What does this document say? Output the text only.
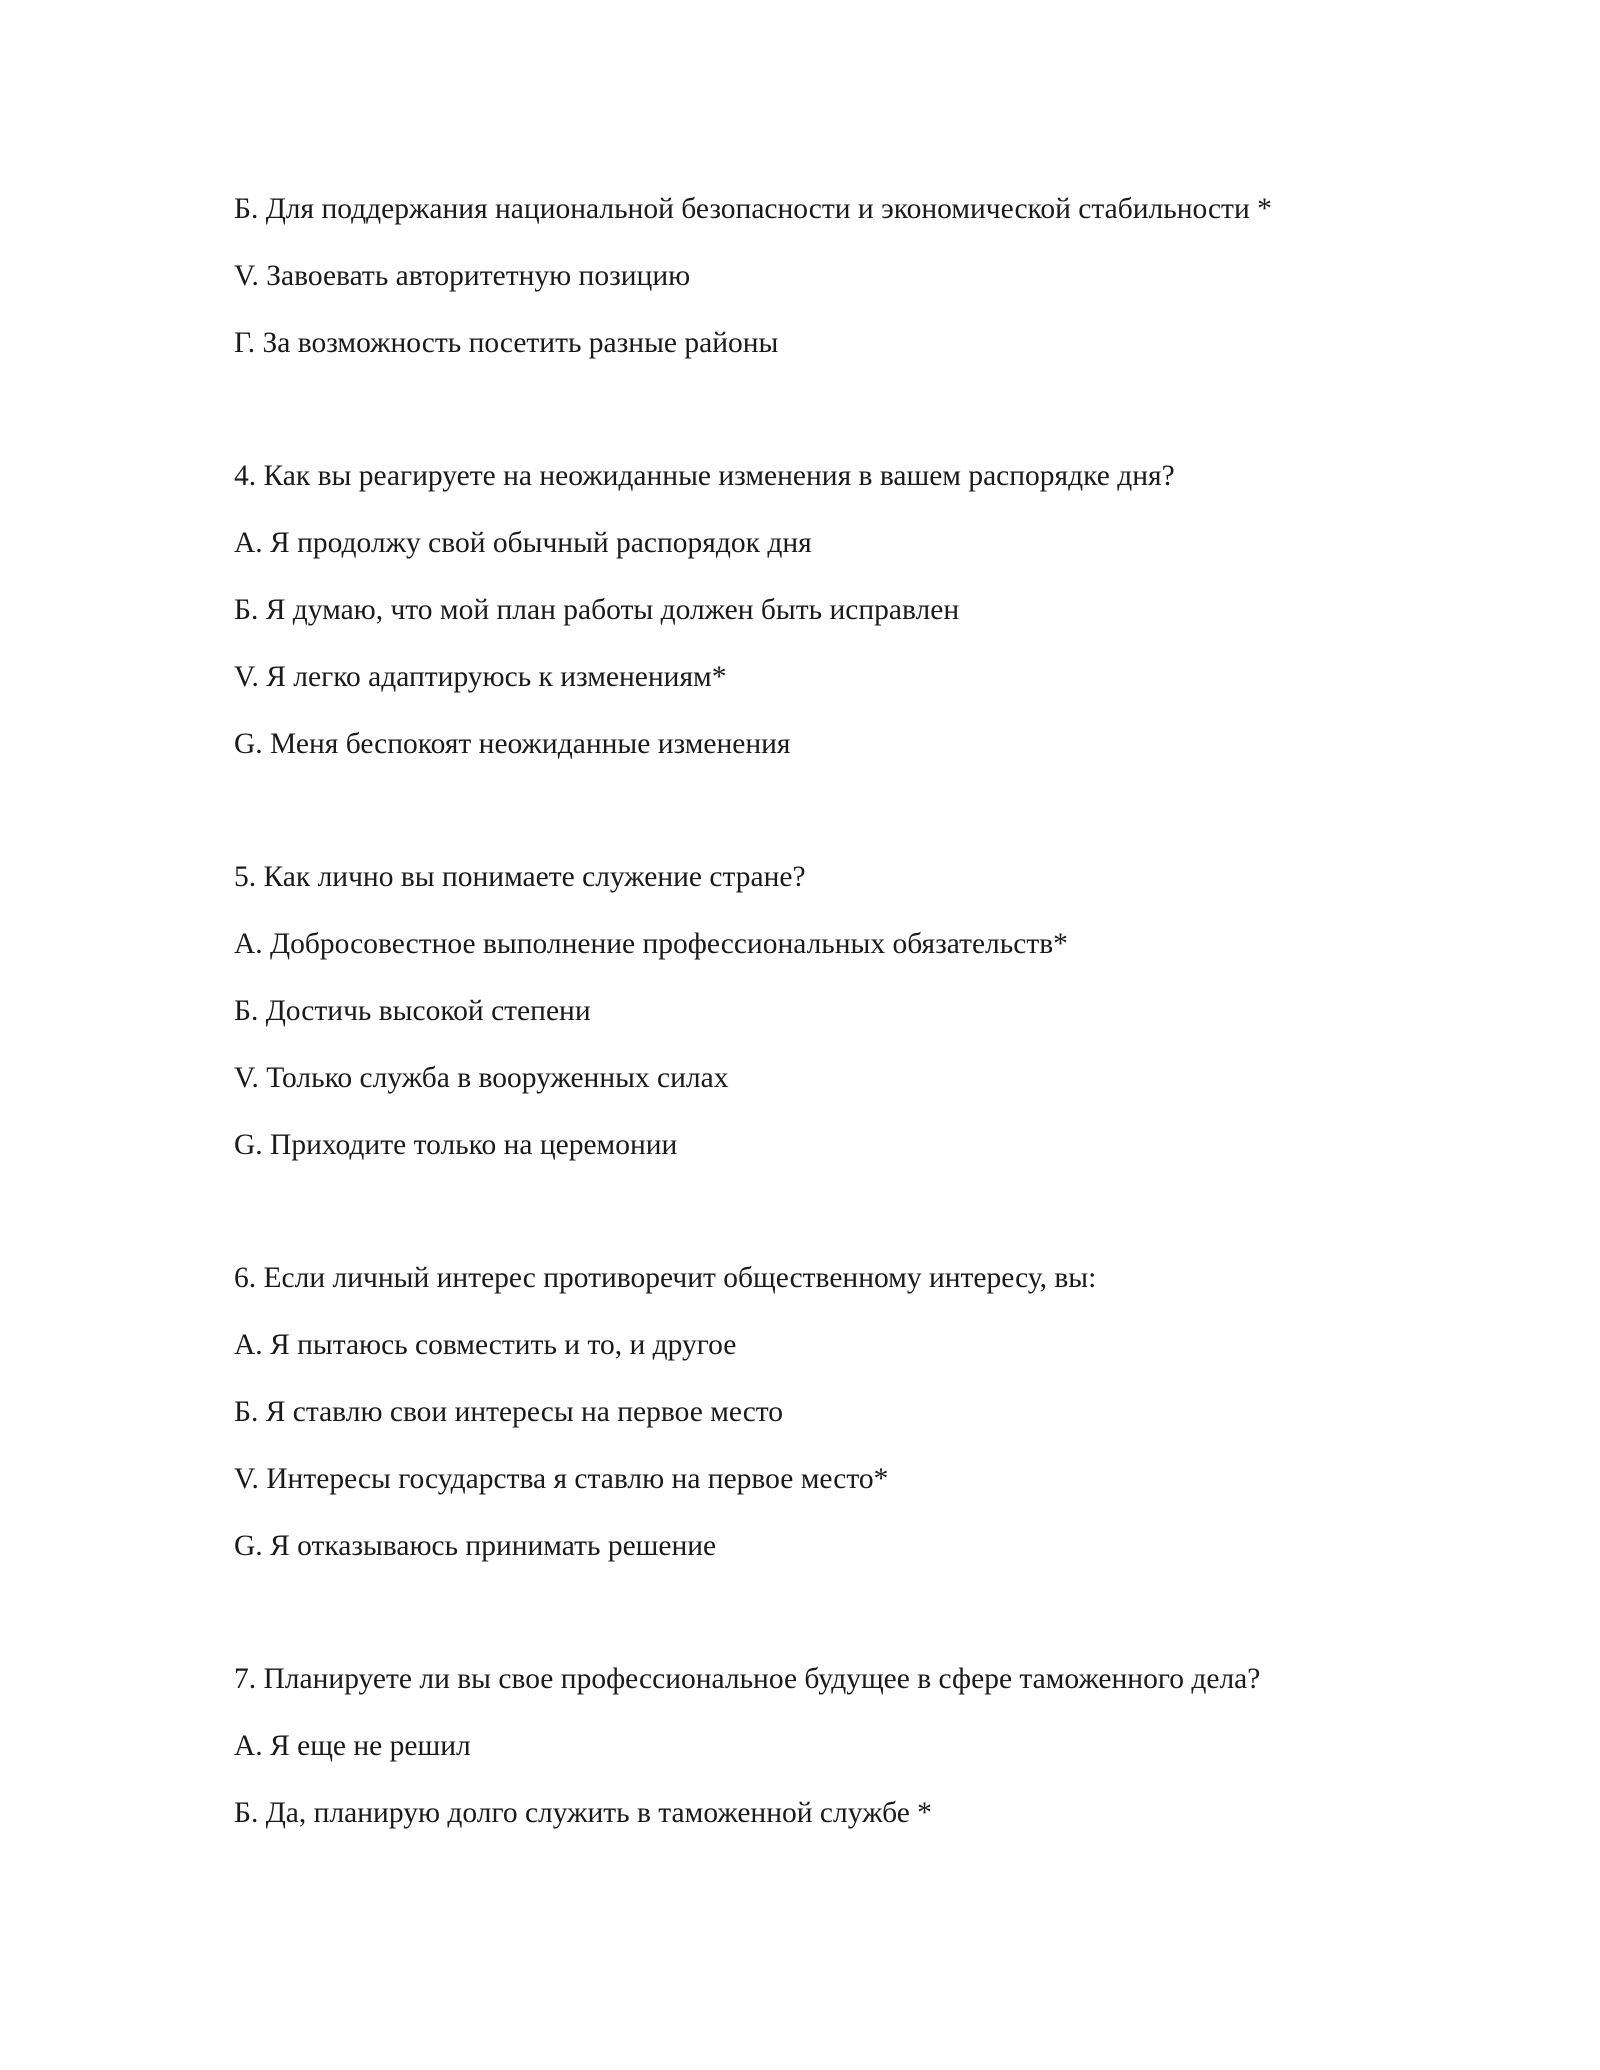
Б. Для поддержания национальной безопасности и экономической стабильности *
V. Завоевать авторитетную позицию
Г. За возможность посетить разные районы
4. Как вы реагируете на неожиданные изменения в вашем распорядке дня?
А. Я продолжу свой обычный распорядок дня
Б. Я думаю, что мой план работы должен быть исправлен
V. Я легко адаптируюсь к изменениям*
G. Меня беспокоят неожиданные изменения
5. Как лично вы понимаете служение стране?
А. Добросовестное выполнение профессиональных обязательств*
Б. Достичь высокой степени
V. Только служба в вооруженных силах
G. Приходите только на церемонии
6. Если личный интерес противоречит общественному интересу, вы:
А. Я пытаюсь совместить и то, и другое
Б. Я ставлю свои интересы на первое место
V. Интересы государства я ставлю на первое место*
G. Я отказываюсь принимать решение
7. Планируете ли вы свое профессиональное будущее в сфере таможенного дела?
А. Я еще не решил
Б. Да, планирую долго служить в таможенной службе *
